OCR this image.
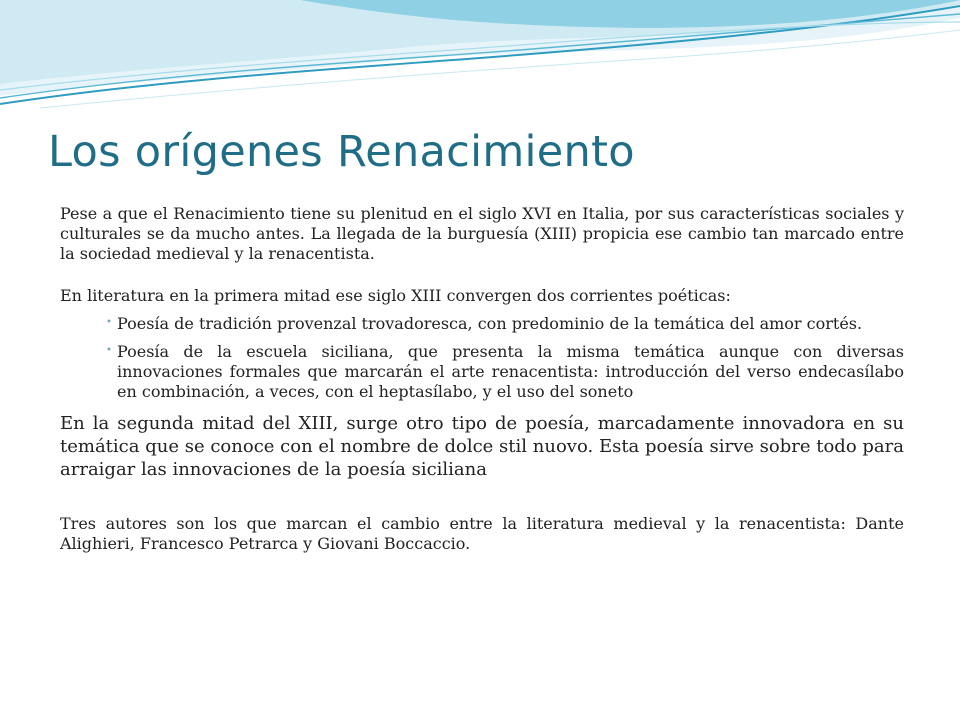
Los orígenes Renacimiento

Pese a que el Renacimiento tiene su plenitud en el siglo XVI en Italia, por sus características sociales y culturales se da mucho antes. La llegada de la burguesía (XIII) propicia ese cambio tan marcado entre la sociedad medieval y la renacentista.

En literatura en la primera mitad ese siglo XIII convergen dos corrientes poéticas:

• Poesía de tradición provenzal trovadoresca, con predominio de la temática del amor cortés.
• Poesía de la escuela siciliana, que presenta la misma temática aunque con diversas innovaciones formales que marcarán el arte renacentista: introducción del verso endecasílabo en combinación, a veces, con el heptasílabo, y el uso del soneto

En la segunda mitad del XIII, surge otro tipo de poesía, marcadamente innovadora en su temática que se conoce con el nombre de dolce stil nuovo. Esta poesía sirve sobre todo para arraigar las innovaciones de la poesía siciliana

Tres autores son los que marcan el cambio entre la literatura medieval y la renacentista: Dante Alighieri, Francesco Petrarca y Giovani Boccaccio.
